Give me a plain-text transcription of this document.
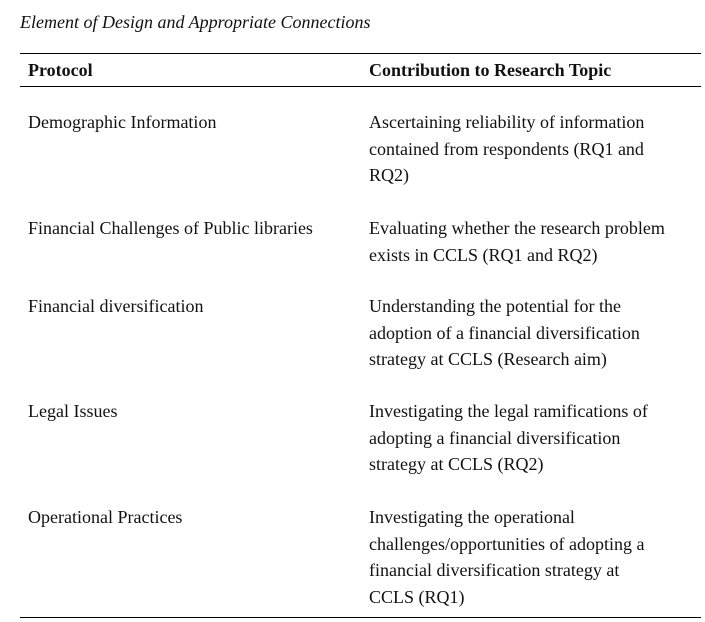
Element of Design and Appropriate Connections
Protocol	Contribution to Research Topic
Demographic Information	Ascertaining reliability of information
contained from respondents (RQ1 and
RQ2)
Financial Challenges of Public libraries	Evaluating whether the research problem
exists in CCLS (RQ1 and RQ2)
Financial diversification	Understanding the potential for the
adoption of a financial diversification
strategy at CCLS (Research aim)
Legal Issues	Investigating the legal ramifications of
adopting a financial diversification
strategy at CCLS (RQ2)
Operational Practices	Investigating the operational
challenges/opportunities of adopting a
financial diversification strategy at
CCLS (RQ1)
